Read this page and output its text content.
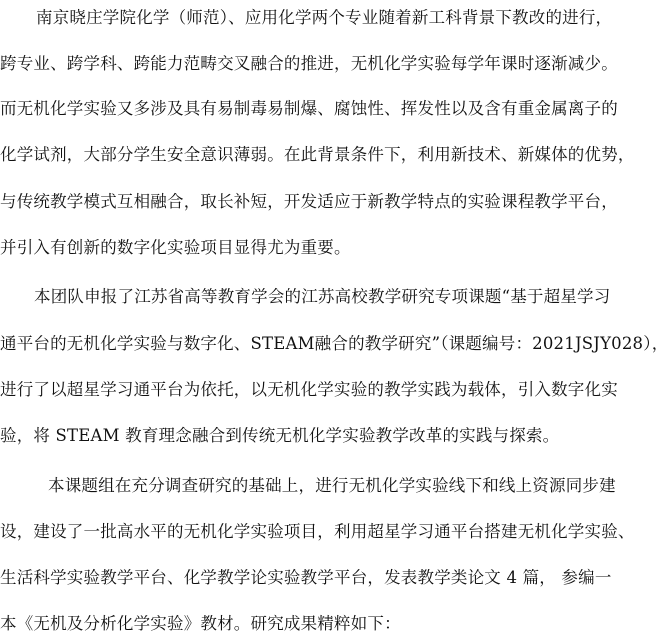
南京晓庄学院化学（师范）、应用化学两个专业随着新工科背景下教改的进行，
跨专业、跨学科、跨能力范畴交叉融合的推进，无机化学实验每学年课时逐渐减少。
而无机化学实验又多涉及具有易制毒易制爆、腐蚀性、挥发性以及含有重金属离子的
化学试剂，大部分学生安全意识薄弱。在此背景条件下，利用新技术、新媒体的优势，
与传统教学模式互相融合，取长补短，开发适应于新教学特点的实验课程教学平台，
并引入有创新的数字化实验项目显得尤为重要。
本团队申报了江苏省高等教育学会的江苏高校教学研究专项课题“基于超星学习
通平台的无机化学实验与数字化、STEAM融合的教学研究”（课题编号：2021JSJY028），
进行了以超星学习通平台为依托，以无机化学实验的教学实践为载体，引入数字化实
验，将 STEAM 教育理念融合到传统无机化学实验教学改革的实践与探索。
本课题组在充分调查研究的基础上，进行无机化学实验线下和线上资源同步建
设，建设了一批高水平的无机化学实验项目，利用超星学习通平台搭建无机化学实验、
生活科学实验教学平台、化学教学论实验教学平台，发表教学类论文 4 篇， 参编一
本《无机及分析化学实验》教材。研究成果精粹如下：
